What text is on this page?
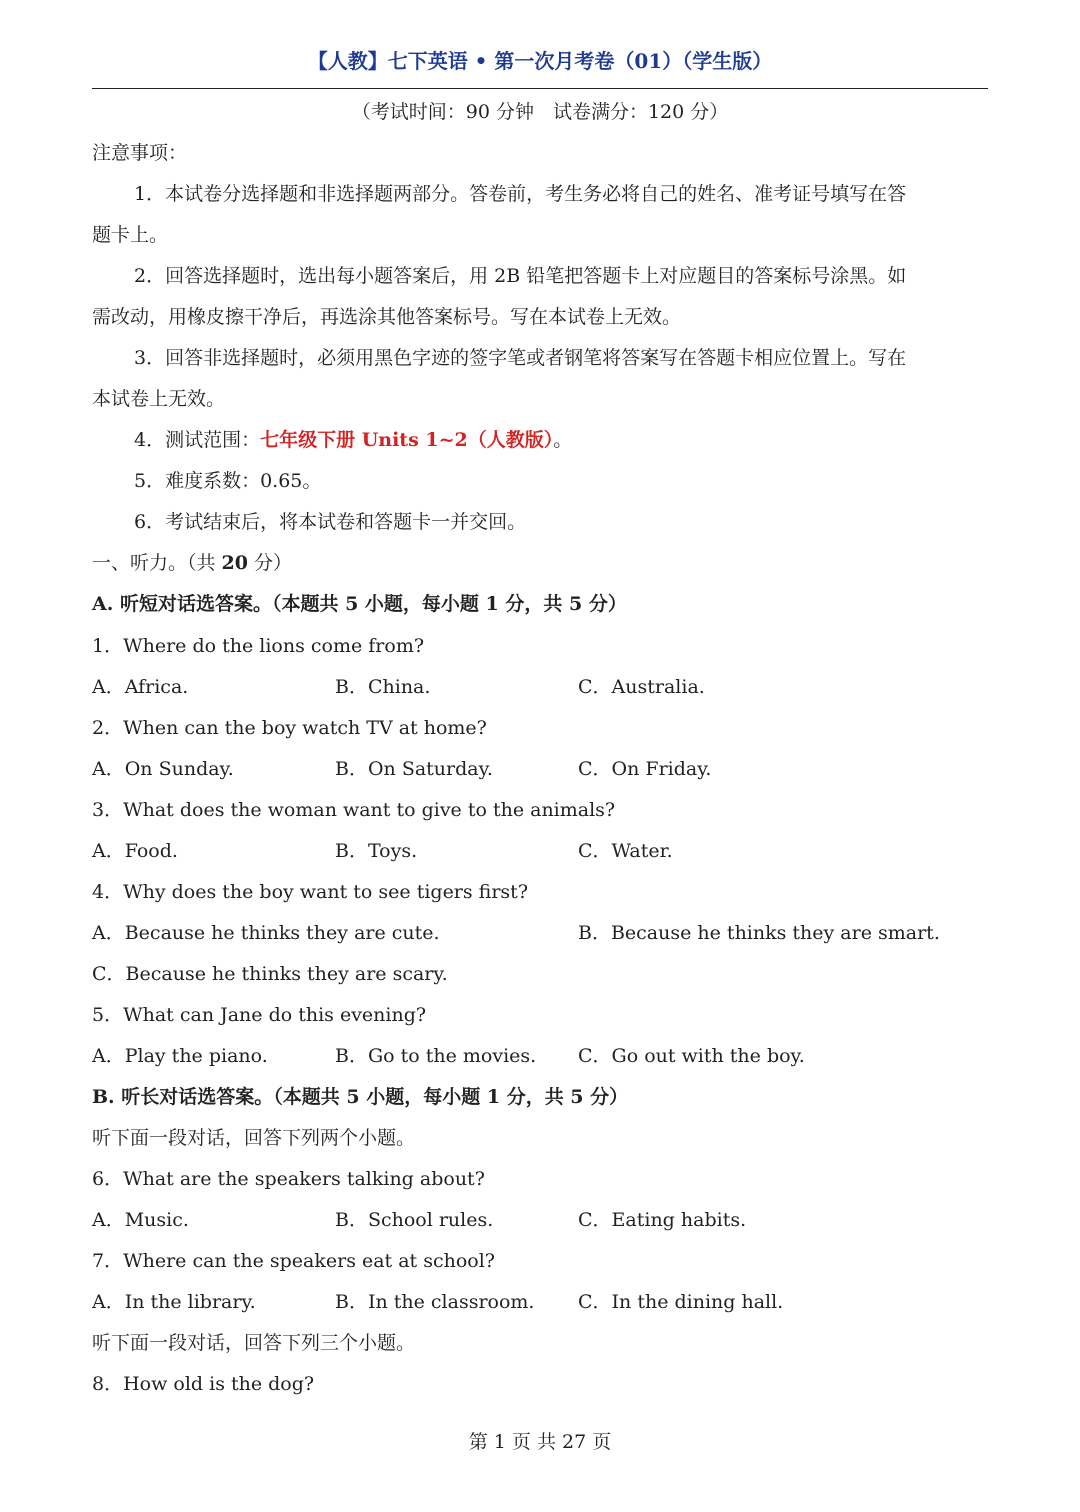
【人教】七下英语 • 第一次月考卷（01）（学生版）
（考试时间：90 分钟　试卷满分：120 分）
注意事项：
1．本试卷分选择题和非选择题两部分。答卷前，考生务必将自己的姓名、准考证号填写在答
题卡上。
2．回答选择题时，选出每小题答案后，用 2B 铅笔把答题卡上对应题目的答案标号涂黑。如
需改动，用橡皮擦干净后，再选涂其他答案标号。写在本试卷上无效。
3．回答非选择题时，必须用黑色字迹的签字笔或者钢笔将答案写在答题卡相应位置上。写在
本试卷上无效。
4．测试范围：七年级下册 Units 1~2（人教版）。
5．难度系数：0.65。
6．考试结束后，将本试卷和答题卡一并交回。
一、听力。（共 20 分）
A. 听短对话选答案。（本题共 5 小题，每小题 1 分，共 5 分）
1．Where do the lions come from?
A．Africa.	B．China.	C．Australia.
2．When can the boy watch TV at home?
A．On Sunday.	B．On Saturday.	C．On Friday.
3．What does the woman want to give to the animals?
A．Food.	B．Toys.	C．Water.
4．Why does the boy want to see tigers first?
A．Because he thinks they are cute.	B．Because he thinks they are smart.
C．Because he thinks they are scary.
5．What can Jane do this evening?
A．Play the piano.	B．Go to the movies. C．Go out with the boy.
B. 听长对话选答案。（本题共 5 小题，每小题 1 分，共 5 分）
听下面一段对话，回答下列两个小题。
6．What are the speakers talking about?
A．Music.	B．School rules.	C．Eating habits.
7．Where can the speakers eat at school?
A．In the library.	B．In the classroom. C．In the dining hall.
听下面一段对话，回答下列三个小题。
8．How old is the dog?
第 1 页 共 27 页
